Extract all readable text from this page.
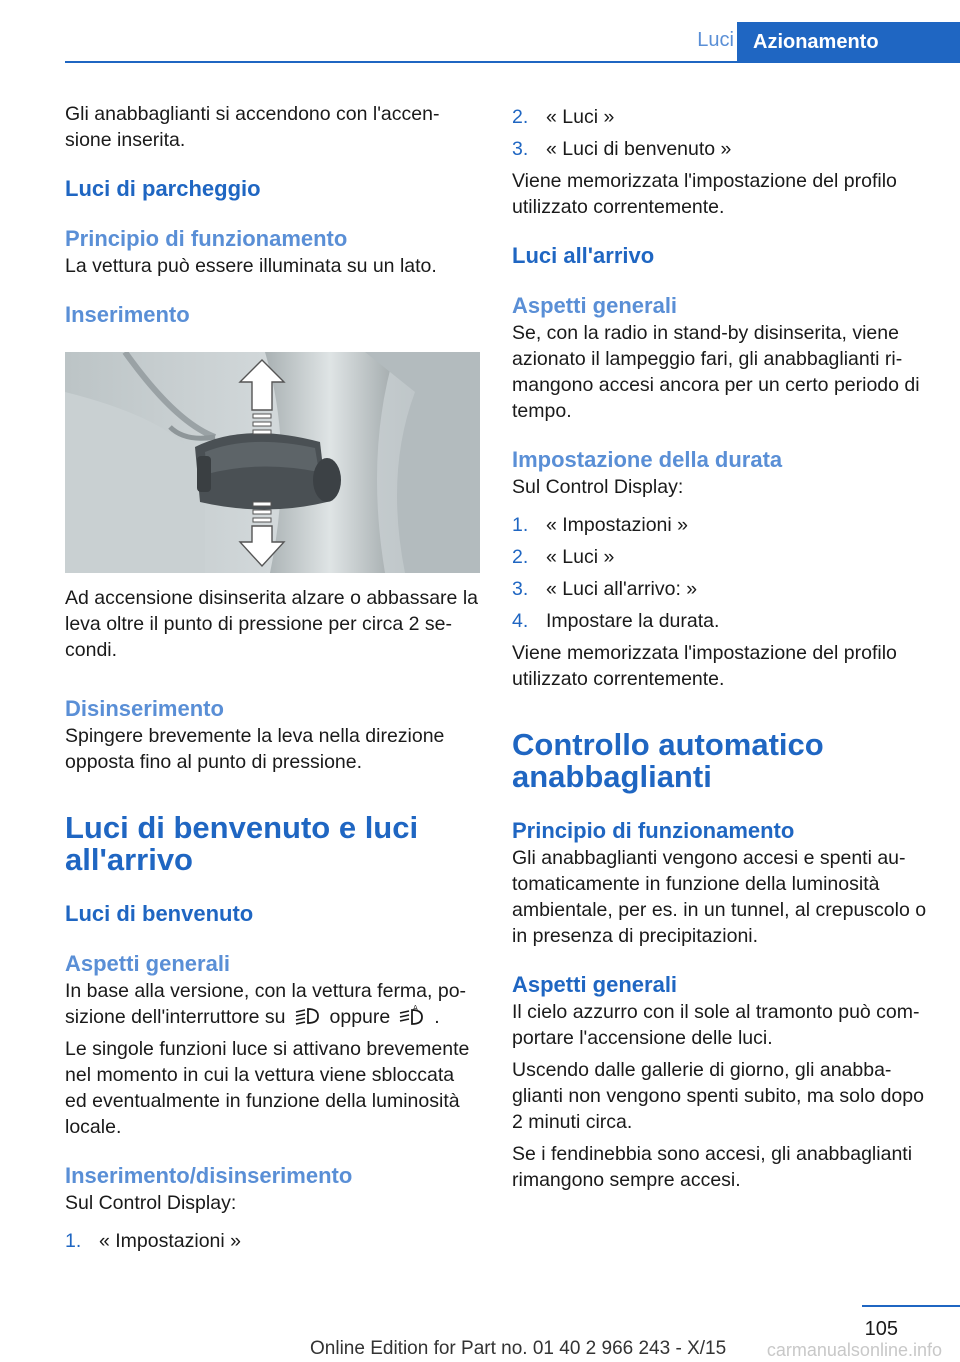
Luci Azionamento

Gli anabbaglianti si accendono con l'accen-
sione inserita.

Luci di parcheggio
Principio di funzionamento

La vettura può essere illuminata su un lato.

Inserimento

Ad accensione disinserita alzare o abbassare la leva oltre il punto di pressione per circa 2 se- condi.

Disinserimento

Spingere brevemente la leva nella direzione opposta fino al punto di pressione.

Luci di benvenuto e luci all'arrivo
Luci di benvenuto
Aspetti generali

In base alla versione, con la vettura ferma, po- sizione dell'interruttore su oppure	A .

Le singole funzioni luce si attivano brevemente nel momento in cui la vettura viene sbloccata ed eventualmente in funzione della luminosità locale.

Inserimento/disinserimento

Sul Control Display:

1. « Impostazioni »
2. « Luci »
3. « Luci di benvenuto »

Viene memorizzata l'impostazione del profilo utilizzato correntemente.

Luci all'arrivo
Aspetti generali

Se, con la radio in stand-by disinserita, viene azionato il lampeggio fari, gli anabbaglianti ri- mangono accesi ancora per un certo periodo di tempo.

Impostazione della durata

Sul Control Display:

1. « Impostazioni »
2. « Luci »
3. « Luci all'arrivo: »
4. Impostare la durata.

Viene memorizzata l'impostazione del profilo utilizzato correntemente.

Controllo automatico anabbaglianti
Principio di funzionamento

Gli anabbaglianti vengono accesi e spenti au- tomaticamente in funzione della luminosità ambientale, per es. in un tunnel, al crepuscolo o in presenza di precipitazioni.

Aspetti generali

Il cielo azzurro con il sole al tramonto può com- portare l'accensione delle luci.

Uscendo dalle gallerie di giorno, gli anabba- glianti non vengono spenti subito, ma solo dopo 2 minuti circa.

Se i fendinebbia sono accesi, gli anabbaglianti rimangono sempre accesi.

105
Online Edition for Part no. 01 40 2 966 243 - X/15 carmanualsonline.info
